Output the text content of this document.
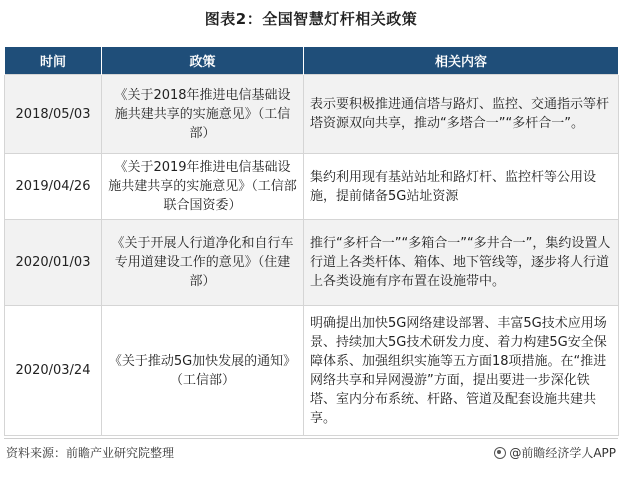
图表2：全国智慧灯杆相关政策
时间	政策	相关内容
2018/05/03	《关于2018年推进电信基础设施共建共享的实施意见》（工信部）	表示要积极推进通信塔与路灯、监控、交通指示等杆塔资源双向共享，推动“多塔合一”“多杆合一”。
2019/04/26	《关于2019年推进电信基础设施共建共享的实施意见》（工信部联合国资委）	集约利用现有基站站址和路灯杆、监控杆等公用设施，提前储备5G站址资源
2020/01/03	《关于开展人行道净化和自行车专用道建设工作的意见》（住建部）	推行“多杆合一”“多箱合一”“多井合一”，集约设置人行道上各类杆体、箱体、地下管线等，逐步将人行道上各类设施有序布置在设施带中。
2020/03/24	《关于推动5G加快发展的通知》（工信部）	明确提出加快5G网络建设部署、丰富5G技术应用场景、持续加大5G技术研发力度、着力构建5G安全保障体系、加强组织实施等五方面18项措施。在“推进网络共享和异网漫游”方面，提出要进一步深化铁塔、室内分布系统、杆路、管道及配套设施共建共享。
资料来源：前瞻产业研究院整理	@前瞻经济学人APP
